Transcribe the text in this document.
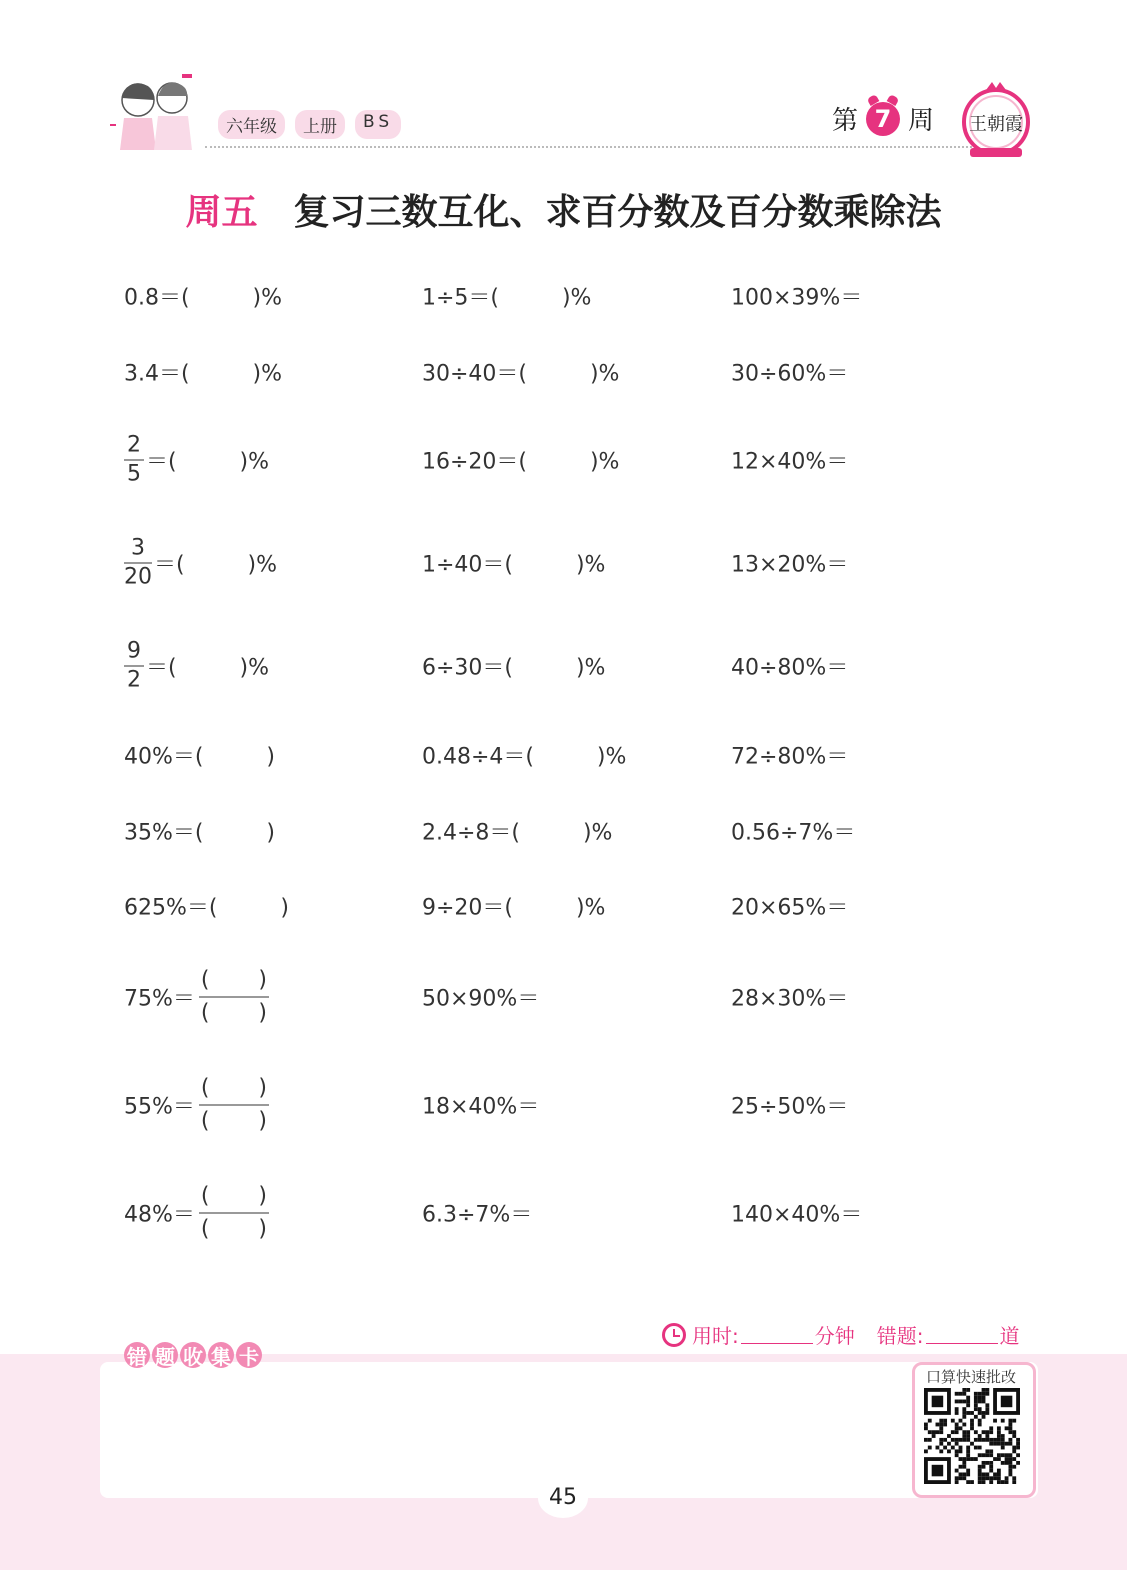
六年级	上册	BS	第 7 周 王朝霞
周五 复习三数互化、求百分数及百分数乘除法
0.8＝(         )%	1÷5＝(         )%	100×39%＝
3.4＝(         )%	30÷40＝(         )%	30÷60%＝
$\frac{2}{5}$ ＝(         )%	16÷20＝(         )%	12×40%＝
$\frac{3}{20}$ ＝(         )%	1÷40＝(         )%	13×20%＝
$\frac{9}{2}$ ＝(         )%	6÷30＝(         )%	40÷80%＝
40%＝(         )	0.48÷4＝(         )%	72÷80%＝
35%＝(         )	2.4÷8＝(         )%	0.56÷7%＝
625%＝(         )	9÷20＝(         )%	20×65%＝
$75\%= \frac{( )}{( )}$	50×90%＝	28×30%＝
$55\%= \frac{( )}{( )}$	18×40%＝	25÷50%＝
$48\%= \frac{( )}{( )}$	6.3÷7%＝	140×40%＝
用时:	分钟 错题:	道
错 题 收 集 卡
口算快速批改
45
